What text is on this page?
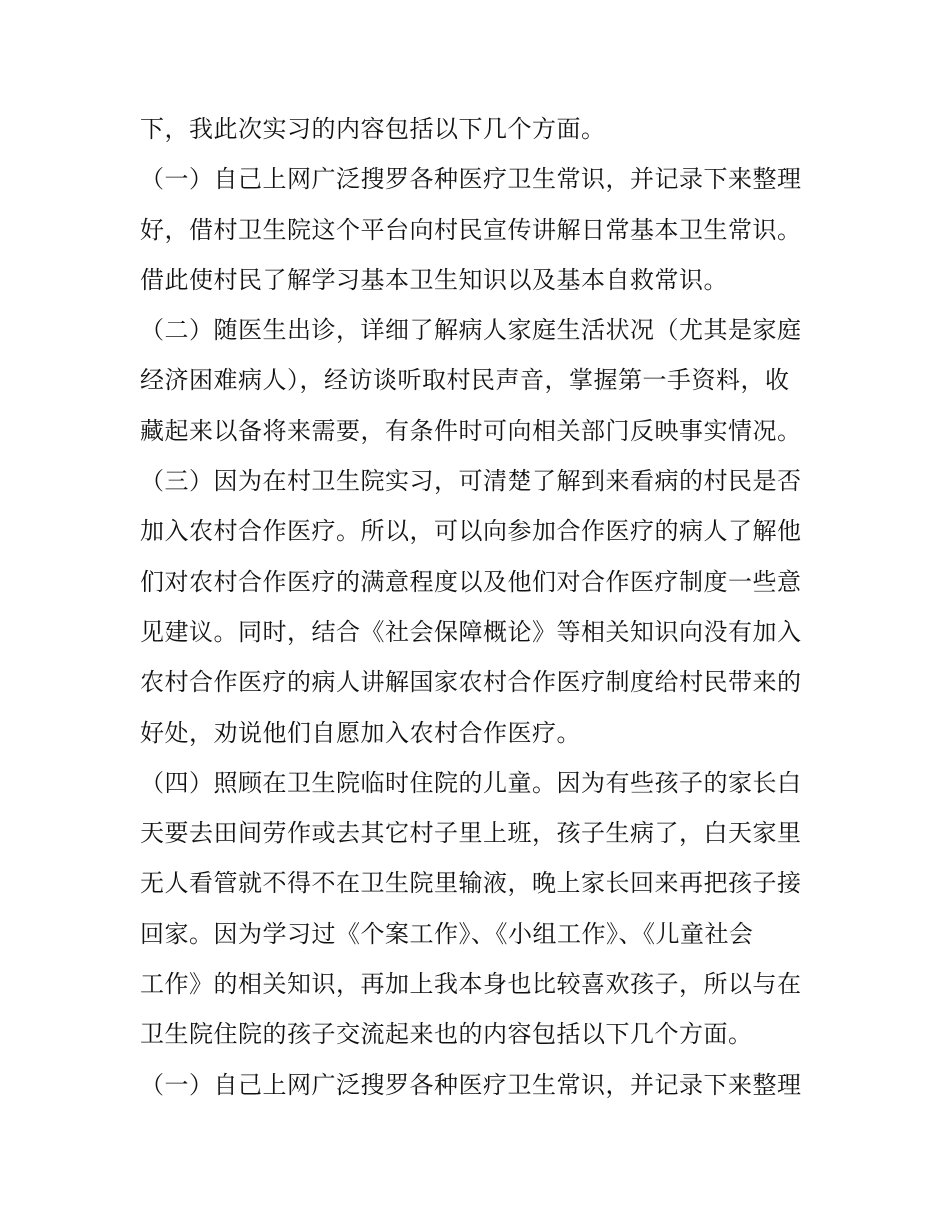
下，我此次实习的内容包括以下几个方面。
（一）自己上网广泛搜罗各种医疗卫生常识，并记录下来整理
好，借村卫生院这个平台向村民宣传讲解日常基本卫生常识。
借此使村民了解学习基本卫生知识以及基本自救常识。
（二）随医生出诊，详细了解病人家庭生活状况（尤其是家庭
经济困难病人），经访谈听取村民声音，掌握第一手资料，收
藏起来以备将来需要，有条件时可向相关部门反映事实情况。
（三）因为在村卫生院实习，可清楚了解到来看病的村民是否
加入农村合作医疗。所以，可以向参加合作医疗的病人了解他
们对农村合作医疗的满意程度以及他们对合作医疗制度一些意
见建议。同时，结合《社会保障概论》等相关知识向没有加入
农村合作医疗的病人讲解国家农村合作医疗制度给村民带来的
好处，劝说他们自愿加入农村合作医疗。
（四）照顾在卫生院临时住院的儿童。因为有些孩子的家长白
天要去田间劳作或去其它村子里上班，孩子生病了，白天家里
无人看管就不得不在卫生院里输液，晚上家长回来再把孩子接
回家。因为学习过《个案工作》、《小组工作》、《儿童社会
工作》的相关知识，再加上我本身也比较喜欢孩子，所以与在
卫生院住院的孩子交流起来也的内容包括以下几个方面。
（一）自己上网广泛搜罗各种医疗卫生常识，并记录下来整理
